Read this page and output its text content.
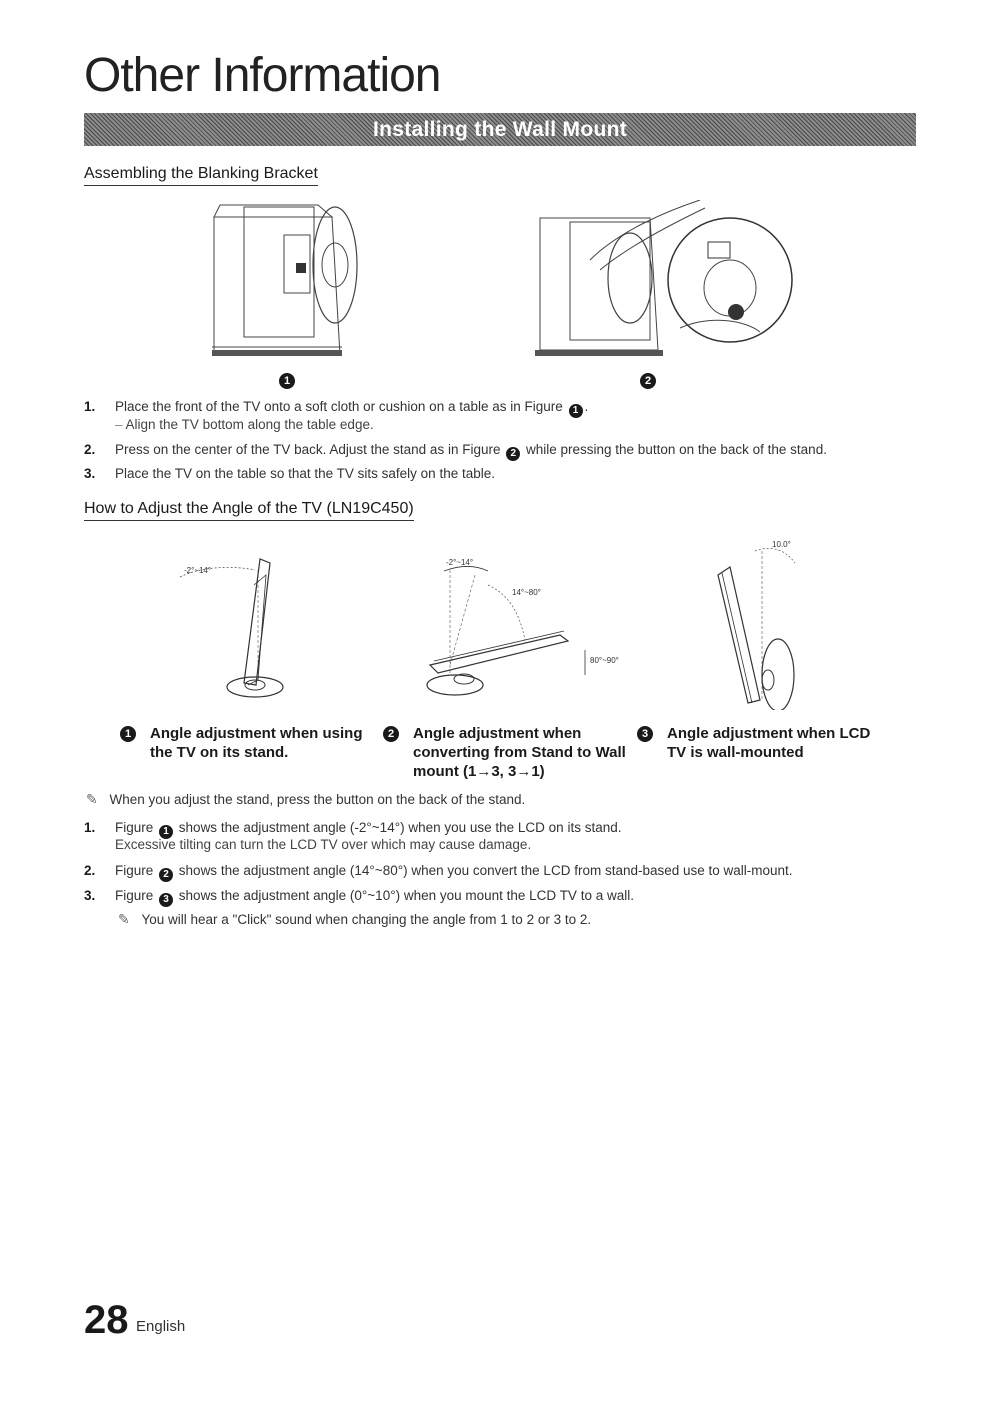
Other Information
Installing the Wall Mount
Assembling the Blanking Bracket
1	2
1. Place the front of the TV onto a soft cloth or cushion on a table as in Figure 1 .
– Align the TV bottom along the table edge.
2. Press on the center of the TV back. Adjust the stand as in Figure 2 while pressing the button on the back of the stand.
3. Place the TV on the table so that the TV sits safely on the table.
How to Adjust the Angle of the TV (LN19C450)
-2°~14°
-2°~14°
14°~80°
80°~90°
10.0°
1	Angle adjustment when using
the TV on its stand.
2	Angle adjustment when
converting from Stand to Wall
mount (1→3, 3→1)
3	Angle adjustment when LCD
TV is wall-mounted
✎ When you adjust the stand, press the button on the back of the stand.
1. Figure 1 shows the adjustment angle (-2°~14°) when you use the LCD on its stand.
Excessive tilting can turn the LCD TV over which may cause damage.
2. Figure 2 shows the adjustment angle (14°~80°) when you convert the LCD from stand-based use to wall-mount.
3. Figure 3 shows the adjustment angle (0°~10°) when you mount the LCD TV to a wall.
✎ You will hear a "Click" sound when changing the angle from 1 to 2 or 3 to 2.
28 English
